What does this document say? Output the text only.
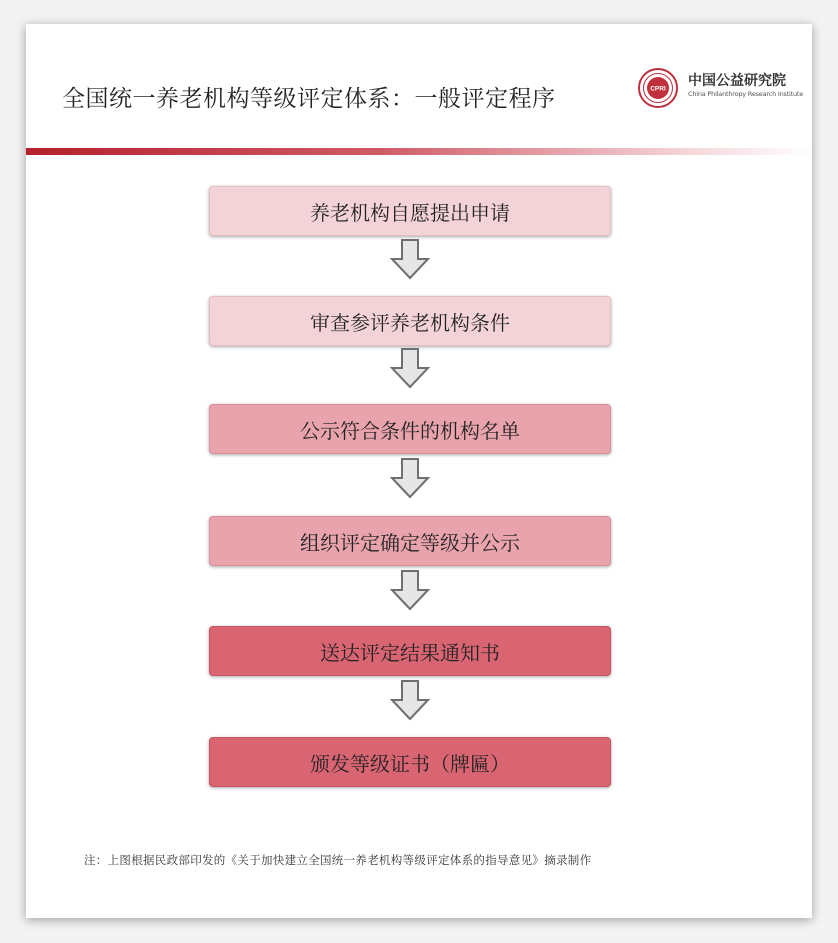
全国统一养老机构等级评定体系：一般评定程序	CPRI 中国公益研究院
China Philanthropy Research Institute
养老机构自愿提出申请
审查参评养老机构条件
公示符合条件的机构名单
组织评定确定等级并公示
送达评定结果通知书
颁发等级证书（牌匾）
注：上图根据民政部印发的《关于加快建立全国统一养老机构等级评定体系的指导意见》摘录制作
